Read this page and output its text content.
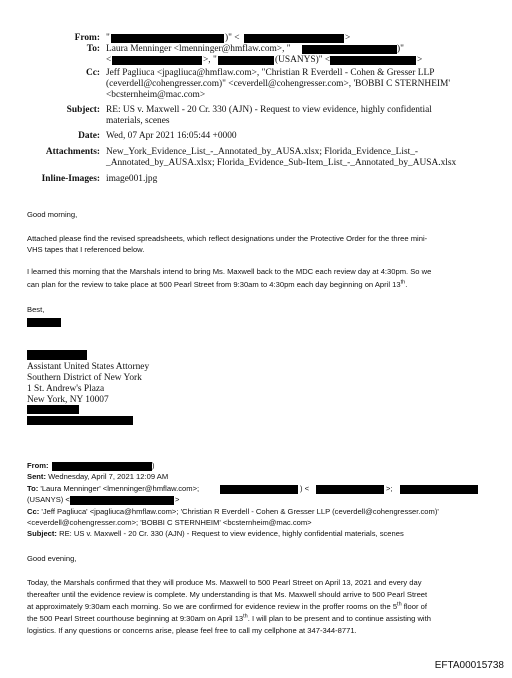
From: "	)" <	>
To: Laura Menninger <lmenninger@hmflaw.com>, "	)"
<	>, "	(USANYS)" <	>
Cc: Jeff Pagliuca <jpagliuca@hmflaw.com>, "Christian R Everdell - Cohen & Gresser LLP
(ceverdell@cohengresser.com)" <ceverdell@cohengresser.com>, 'BOBBI C STERNHEIM'
<bcsternheim@mac.com>
Subject: RE: US v. Maxwell - 20 Cr. 330 (AJN) - Request to view evidence, highly confidential
materials, scenes
Date: Wed, 07 Apr 2021 16:05:44 +0000
Attachments: New_York_Evidence_List_-_Annotated_by_AUSA.xlsx; Florida_Evidence_List_-
_Annotated_by_AUSA.xlsx; Florida_Evidence_Sub-Item_List_-_Annotated_by_AUSA.xlsx
Inline-Images: image001.jpg
Good morning,
Attached please find the revised spreadsheets, which reflect designations under the Protective Order for the three mini-
VHS tapes that I referenced below.
I learned this morning that the Marshals intend to bring Ms. Maxwell back to the MDC each review day at 4:30pm. So we
can plan for the review to take place at 500 Pearl Street from 9:30am to 4:30pm each day beginning on April 13th.
Best,
Assistant United States Attorney
Southern District of New York
1 St. Andrew's Plaza
New York, NY 10007
From:	)
Sent: Wednesday, April 7, 2021 12:09 AM
To: 'Laura Menninger' <lmenninger@hmflaw.com>;	) <	>;
(USANYS) <	>
Cc: 'Jeff Pagliuca' <jpagliuca@hmflaw.com>; 'Christian R Everdell - Cohen & Gresser LLP (ceverdell@cohengresser.com)'
<ceverdell@cohengresser.com>; 'BOBBI C STERNHEIM' <bcsternheim@mac.com>
Subject: RE: US v. Maxwell - 20 Cr. 330 (AJN) - Request to view evidence, highly confidential materials, scenes
Good evening,
Today, the Marshals confirmed that they will produce Ms. Maxwell to 500 Pearl Street on April 13, 2021 and every day
thereafter until the evidence review is complete. My understanding is that Ms. Maxwell should arrive to 500 Pearl Street
at approximately 9:30am each morning. So we are confirmed for evidence review in the proffer rooms on the 5th floor of
the 500 Pearl Street courthouse beginning at 9:30am on April 13th. I will plan to be present and to continue assisting with
logistics. If any questions or concerns arise, please feel free to call my cellphone at 347-344-8771.
EFTA00015738
